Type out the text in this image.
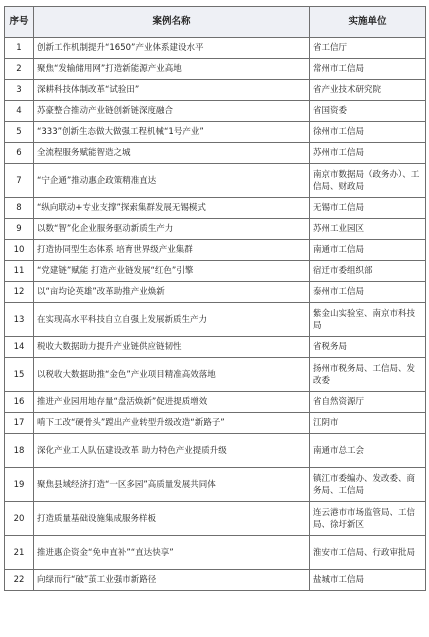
序号	案例名称	实施单位
1	创新工作机制提升“1650”产业体系建设水平	省工信厅
2	聚焦“发输储用网”打造新能源产业高地	常州市工信局
3	深耕科技体制改革“试验田”	省产业技术研究院
4	苏豪整合推动产业链创新链深度融合	省国资委
5	“333”创新生态做大做强工程机械“1号产业”	徐州市工信局
6	全流程服务赋能智造之城	苏州市工信局
7	“宁企通”推动惠企政策精准直达	南京市数据局（政务办）、工信局、财政局
8	“纵向联动+专业支撑”探索集群发展无锡模式	无锡市工信局
9	以数“智”化企业服务驱动新质生产力	苏州工业园区
10	打造协同型生态体系 培育世界级产业集群	南通市工信局
11	“党建链”赋能 打造产业链发展“红色”引擎	宿迁市委组织部
12	以“亩均论英雄”改革助推产业焕新	泰州市工信局
13	在实现高水平科技自立自强上发展新质生产力	紫金山实验室、南京市科技局
14	税收大数据助力提升产业链供应链韧性	省税务局
15	以税收大数据助推“金色”产业项目精准高效落地	扬州市税务局、工信局、发改委
16	推进产业园用地存量“盘活焕新”促进提质增效	省自然资源厅
17	啃下工改“硬骨头”蹚出产业转型升级改造“新路子”	江阴市
18	深化产业工人队伍建设改革 助力特色产业提质升级	南通市总工会
19	聚焦县域经济打造“一区多园”高质量发展共同体	镇江市委编办、发改委、商务局、工信局
20	打造质量基础设施集成服务样板	连云港市市场监管局、工信局、徐圩新区
21	推进惠企资金“免申直补”“直达快享”	淮安市工信局、行政审批局
22	向绿而行“破”茧工业强市新路径	盐城市工信局
